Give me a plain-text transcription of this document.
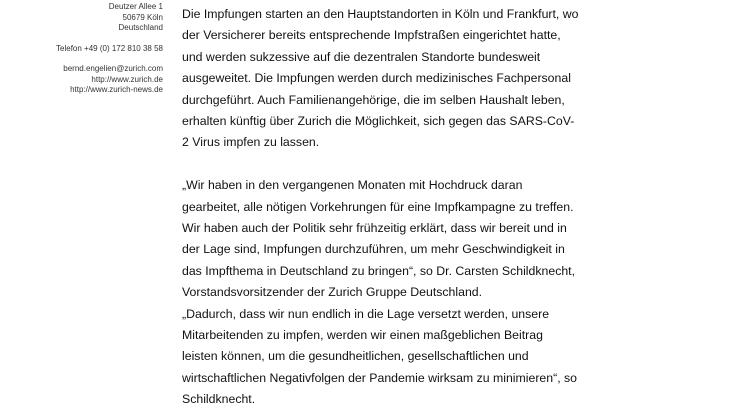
Deutzer Allee 1
50679 Köln
Deutschland
Telefon +49 (0) 172 810 38 58
bernd.engelien@zurich.com
http://www.zurich.de
http://www.zurich-news.de

Die Impfungen starten an den Hauptstandorten in Köln und Frankfurt, wo
der Versicherer bereits entsprechende Impfstraßen eingerichtet hatte,
und werden sukzessive auf die dezentralen Standorte bundesweit
ausgeweitet. Die Impfungen werden durch medizinisches Fachpersonal
durchgeführt. Auch Familienangehörige, die im selben Haushalt leben,
erhalten künftig über Zurich die Möglichkeit, sich gegen das SARS-CoV-
2 Virus impfen zu lassen.

„Wir haben in den vergangenen Monaten mit Hochdruck daran
gearbeitet, alle nötigen Vorkehrungen für eine Impfkampagne zu treffen.
Wir haben auch der Politik sehr frühzeitig erklärt, dass wir bereit und in
der Lage sind, Impfungen durchzuführen, um mehr Geschwindigkeit in
das Impfthema in Deutschland zu bringen“, so Dr. Carsten Schildknecht,
Vorstandsvorsitzender der Zurich Gruppe Deutschland.

„Dadurch, dass wir nun endlich in die Lage versetzt werden, unsere
Mitarbeitenden zu impfen, werden wir einen maßgeblichen Beitrag
leisten können, um die gesundheitlichen, gesellschaftlichen und
wirtschaftlichen Negativfolgen der Pandemie wirksam zu minimieren“, so
Schildknecht.
